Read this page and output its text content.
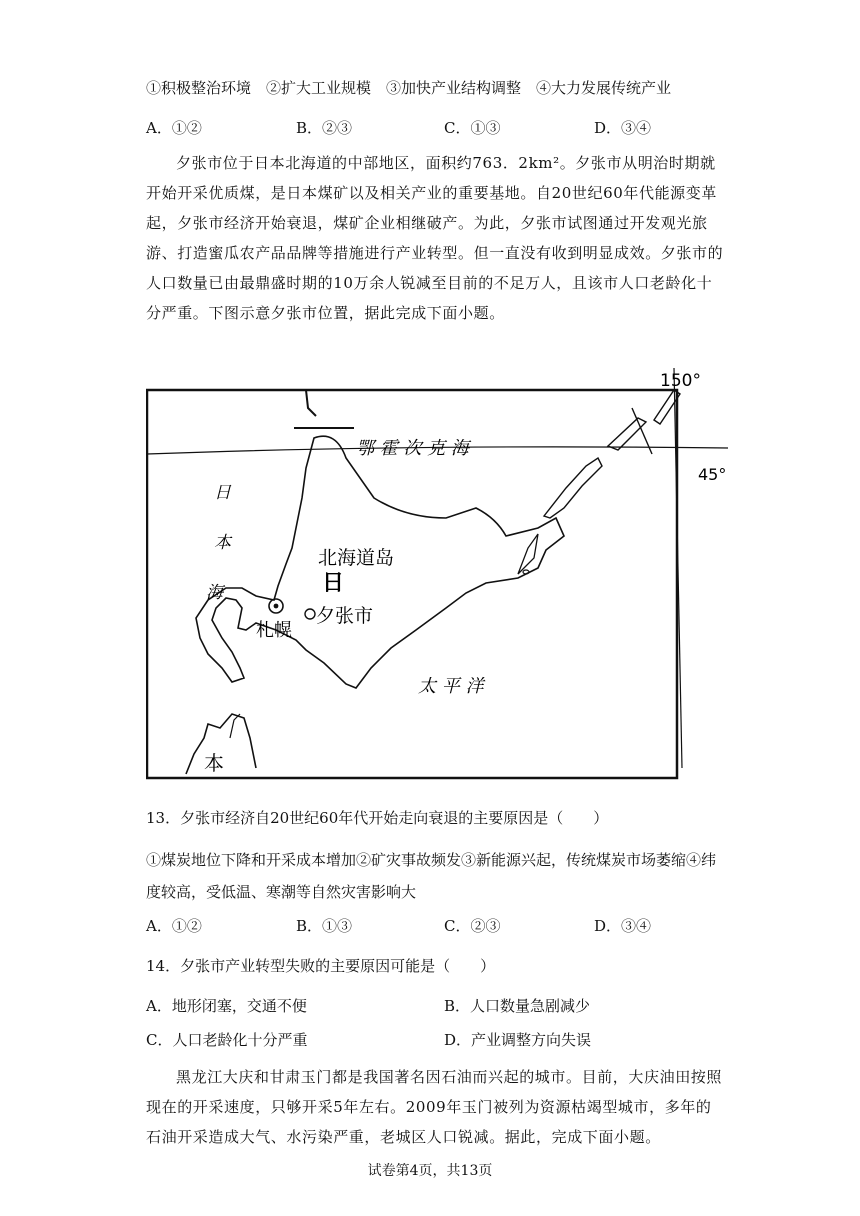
①积极整治环境　②扩大工业规模　③加快产业结构调整　④大力发展传统产业
A．①②	B．②③	C．①③	D．③④
夕张市位于日本北海道的中部地区，面积约763．2km²。夕张市从明治时期就开始开采优质煤，是日本煤矿以及相关产业的重要基地。自20世纪60年代能源变革起，夕张市经济开始衰退，煤矿企业相继破产。为此，夕张市试图通过开发观光旅游、打造蜜瓜农产品品牌等措施进行产业转型。但一直没有收到明显成效。夕张市的人口数量已由最鼎盛时期的10万余人锐减至目前的不足万人，且该市人口老龄化十分严重。下图示意夕张市位置，据此完成下面小题。
150°
45°
鄂 霍 次 克 海
日
本
海
北海道岛
日
本
札幌
夕张市
太 平 洋
13．夕张市经济自20世纪60年代开始走向衰退的主要原因是（　　）
①煤炭地位下降和开采成本增加②矿灾事故频发③新能源兴起，传统煤炭市场萎缩④纬
度较高，受低温、寒潮等自然灾害影响大
A．①②	B．①③	C．②③	D．③④
14．夕张市产业转型失败的主要原因可能是（　　）
A．地形闭塞，交通不便	B．人口数量急剧减少
C．人口老龄化十分严重	D．产业调整方向失误
黑龙江大庆和甘肃玉门都是我国著名因石油而兴起的城市。目前，大庆油田按照现在的开采速度，只够开采5年左右。2009年玉门被列为资源枯竭型城市，多年的石油开采造成大气、水污染严重，老城区人口锐减。据此，完成下面小题。
试卷第4页，共13页
